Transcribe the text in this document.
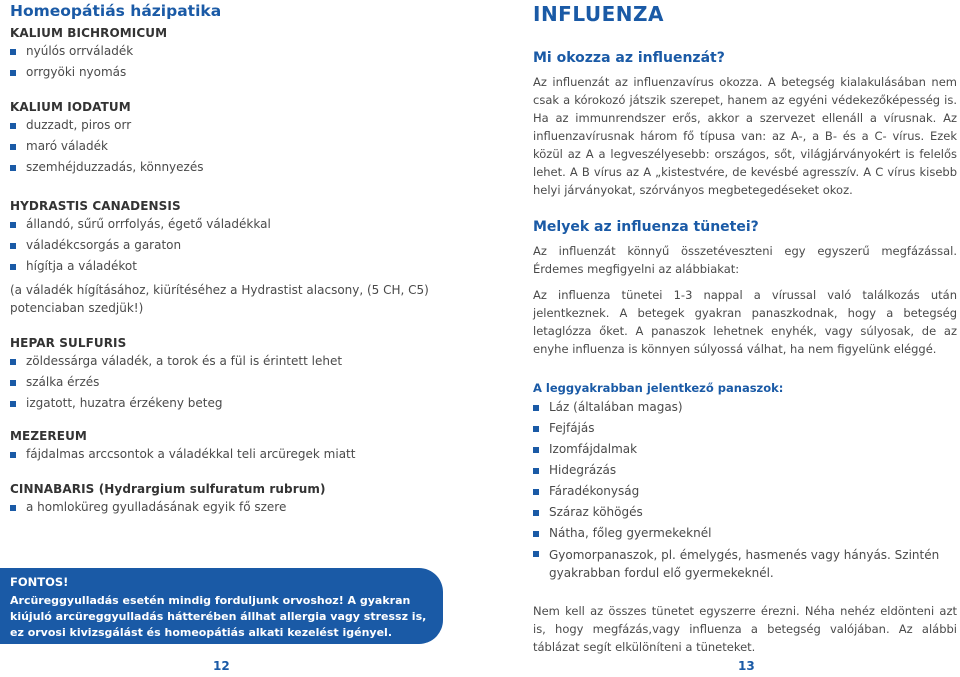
Homeopátiás házipatika

KALIUM BICHROMICUM

nyúlós orrváladék
orrgyöki nyomás

KALIUM IODATUM

duzzadt, piros orr
maró váladék
szemhéjduzzadás, könnyezés

HYDRASTIS CANADENSIS

állandó, sűrű orrfolyás, égető váladékkal
váladékcsorgás a garaton
hígítja a váladékot

(a váladék hígításához, kiürítéséhez a Hydrastist alacsony, (5 CH, C5) potenciaban szedjük!)

HEPAR SULFURIS

zöldessárga váladék, a torok és a fül is érintett lehet
szálka érzés
izgatott, huzatra érzékeny beteg

MEZEREUM

fájdalmas arccsontok a váladékkal teli arcüregek miatt

CINNABARIS (Hydrargium sulfuratum rubrum)

a homloküreg gyulladásának egyik fő szere

FONTOS!

Arcüreggyulladás esetén mindig forduljunk orvoshoz! A gyakran kiújuló arcüreggyulladás hátterében állhat allergia vagy stressz is, ez orvosi kivizsgálást és homeopátiás alkati kezelést igényel.

12
INFLUENZA
Mi okozza az influenzát?

Az influenzát az influenzavírus okozza. A betegség kialakulásában nem csak a kórokozó játszik szerepet, hanem az egyéni védekezőképesség is. Ha az immunrendszer erős, akkor a szervezet ellenáll a vírusnak. Az influenzavírusnak három fő típusa van: az A-, a B- és a C- vírus. Ezek közül az A a legveszélyesebb: országos, sőt, világjárványokért is felelős lehet. A B vírus az A „kistestvére, de kevésbé agresszív. A C vírus kisebb helyi járványokat, szórványos megbetegedéseket okoz.

Melyek az influenza tünetei?

Az influenzát könnyű összetéveszteni egy egyszerű megfázással. Érdemes megfigyelni az alábbiakat:

Az influenza tünetei 1-3 nappal a vírussal való találkozás után jelentkeznek. A betegek gyakran panaszkodnak, hogy a betegség letaglózza őket. A panaszok lehetnek enyhék, vagy súlyosak, de az enyhe influenza is könnyen súlyossá válhat, ha nem figyelünk eléggé.

A leggyakrabban jelentkező panaszok:

Láz (általában magas)
Fejfájás
Izomfájdalmak
Hidegrázás
Fáradékonyság
Száraz köhögés
Nátha, főleg gyermekeknél
Gyomorpanaszok, pl. émelygés, hasmenés vagy hányás. Szintén gyakrabban fordul elő gyermekeknél.

Nem kell az összes tünetet egyszerre érezni. Néha nehéz eldönteni azt is, hogy megfázás,vagy influenza a betegség valójában. Az alábbi táblázat segít elkülöníteni a tüneteket.

13
